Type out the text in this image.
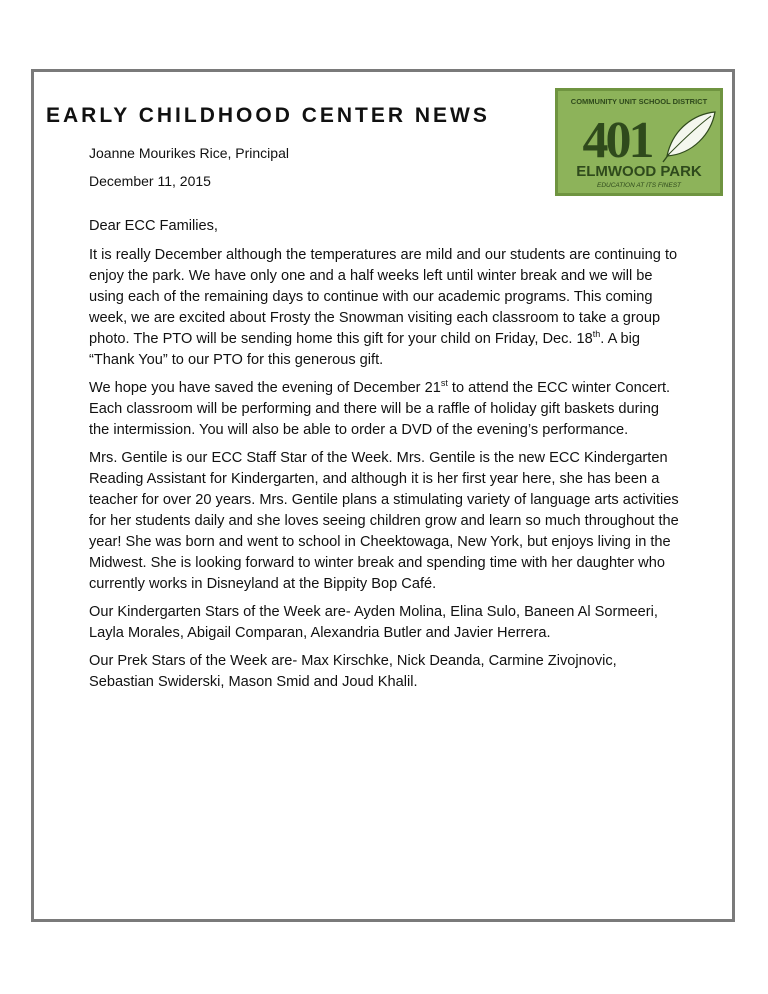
EARLY CHILDHOOD CENTER NEWS
Joanne Mourikes Rice, Principal
December 11, 2015
COMMUNITY UNIT SCHOOL DISTRICT
401
ELMWOOD PARK
EDUCATION AT ITS FINEST

Dear ECC Families,

It is really December although the temperatures are mild and our students are continuing to enjoy the park. We have only one and a half weeks left until winter break and we will be using each of the remaining days to continue with our academic programs. This coming week, we are excited about Frosty the Snowman visiting each classroom to take a group photo. The PTO will be sending home this gift for your child on Friday, Dec. 18th. A big “Thank You” to our PTO for this generous gift.

We hope you have saved the evening of December 21st to attend the ECC winter Concert. Each classroom will be performing and there will be a raffle of holiday gift baskets during the intermission. You will also be able to order a DVD of the evening’s performance.

Mrs. Gentile is our ECC Staff Star of the Week. Mrs. Gentile is the new ECC Kindergarten Reading Assistant for Kindergarten, and although it is her first year here, she has been a teacher for over 20 years. Mrs. Gentile plans a stimulating variety of language arts activities for her students daily and she loves seeing children grow and learn so much throughout the year! She was born and went to school in Cheektowaga, New York, but enjoys living in the Midwest. She is looking forward to winter break and spending time with her daughter who currently works in Disneyland at the Bippity Bop Café.

Our Kindergarten Stars of the Week are- Ayden Molina, Elina Sulo, Baneen Al Sormeeri, Layla Morales, Abigail Comparan, Alexandria Butler and Javier Herrera.

Our Prek Stars of the Week are- Max Kirschke, Nick Deanda, Carmine Zivojnovic, Sebastian Swiderski, Mason Smid and Joud Khalil.
